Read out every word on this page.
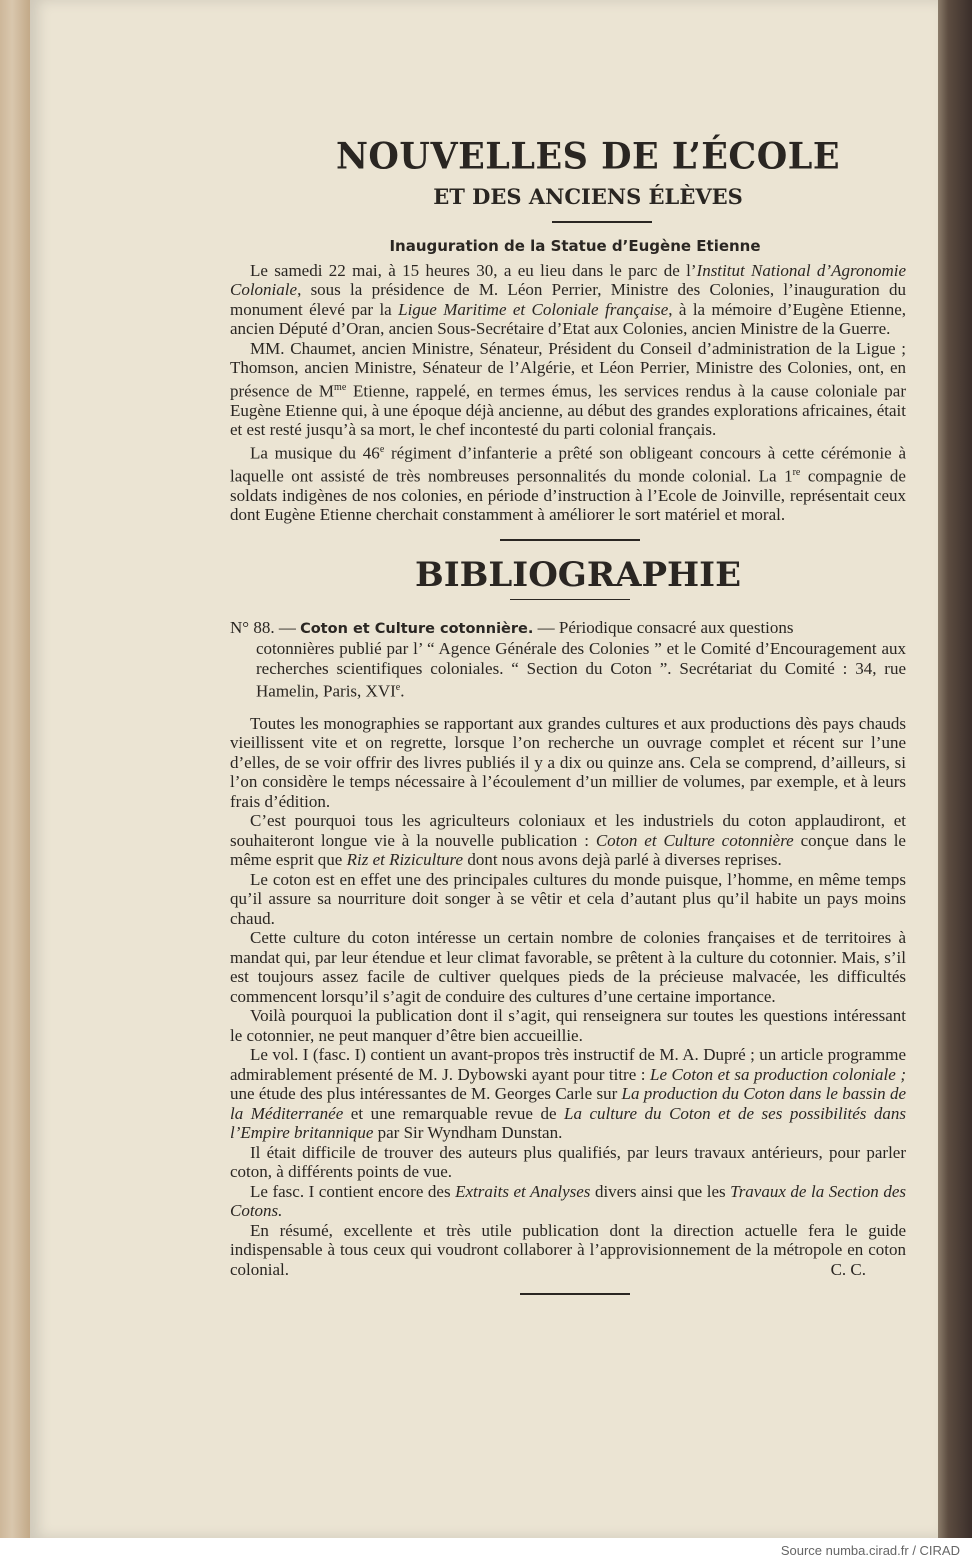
Source numba.cirad.fr / CIRAD
NOUVELLES DE L’ÉCOLE
ET DES ANCIENS ÉLÈVES
Inauguration de la Statue d’Eugène Etienne

Le samedi 22 mai, à 15 heures 30, a eu lieu dans le parc de l’Institut National d’Agronomie Coloniale, sous la présidence de M. Léon Perrier, Ministre des Colonies, l’inauguration du monument élevé par la Ligue Maritime et Coloniale française, à la mémoire d’Eugène Etienne, ancien Député d’Oran, ancien Sous-Secrétaire d’Etat aux Colonies, ancien Ministre de la Guerre.

MM. Chaumet, ancien Ministre, Sénateur, Président du Conseil d’administration de la Ligue ; Thomson, ancien Ministre, Sénateur de l’Algérie, et Léon Perrier, Ministre des Colonies, ont, en présence de $M^{me}$ Etienne, rappelé, en termes émus, les services rendus à la cause coloniale par Eugène Etienne qui, à une époque déjà ancienne, au début des grandes explorations africaines, était et est resté jusqu’à sa mort, le chef incontesté du parti colonial français.

La musique du 46e régiment d’infanterie a prêté son obligeant concours à cette cérémonie à laquelle ont assisté de très nombreuses personnalités du monde colonial. La 1re compagnie de soldats indigènes de nos colonies, en période d’instruction à l’Ecole de Joinville, représentait ceux dont Eugène Etienne cherchait constamment à améliorer le sort matériel et moral.

BIBLIOGRAPHIE

N° 88. — Coton et Culture cotonnière. — Périodique consacré aux questions

cotonnières publié par l’ “ Agence Générale des Colonies ” et le Comité d’Encouragement aux recherches scientifiques coloniales. “ Section du Coton ”. Secrétariat du Comité : 34, rue Hamelin, Paris, XVIe.

Toutes les monographies se rapportant aux grandes cultures et aux productions dès pays chauds vieillissent vite et on regrette, lorsque l’on recherche un ouvrage complet et récent sur l’une d’elles, de se voir offrir des livres publiés il y a dix ou quinze ans. Cela se comprend, d’ailleurs, si l’on considère le temps nécessaire à l’écoulement d’un millier de volumes, par exemple, et à leurs frais d’édition.

C’est pourquoi tous les agriculteurs coloniaux et les industriels du coton applaudiront, et souhaiteront longue vie à la nouvelle publication : Coton et Culture cotonnière conçue dans le même esprit que Riz et Riziculture dont nous avons dejà parlé à diverses reprises.

Le coton est en effet une des principales cultures du monde puisque, l’homme, en même temps qu’il assure sa nourriture doit songer à se vêtir et cela d’autant plus qu’il habite un pays moins chaud.

Cette culture du coton intéresse un certain nombre de colonies françaises et de territoires à mandat qui, par leur étendue et leur climat favorable, se prêtent à la culture du cotonnier. Mais, s’il est toujours assez facile de cultiver quelques pieds de la précieuse malvacée, les difficultés commencent lorsqu’il s’agit de conduire des cultures d’une certaine importance.

Voilà pourquoi la publication dont il s’agit, qui renseignera sur toutes les questions intéressant le cotonnier, ne peut manquer d’être bien accueillie.

Le vol. I (fasc. I) contient un avant-propos très instructif de M. A. Dupré ; un article programme admirablement présenté de M. J. Dybowski ayant pour titre : Le Coton et sa production coloniale ; une étude des plus intéressantes de M. Georges Carle sur La production du Coton dans le bassin de la Méditerranée et une remarquable revue de La culture du Coton et de ses possibilités dans l’Empire britannique par Sir Wyndham Dunstan.

Il était difficile de trouver des auteurs plus qualifiés, par leurs travaux antérieurs, pour parler coton, à différents points de vue.

Le fasc. I contient encore des Extraits et Analyses divers ainsi que les Travaux de la Section des Cotons.

En résumé, excellente et très utile publication dont la direction actuelle fera le guide indispensable à tous ceux qui voudront collaborer à l’approvisionnement de la métropole en coton colonial.	C. C.
